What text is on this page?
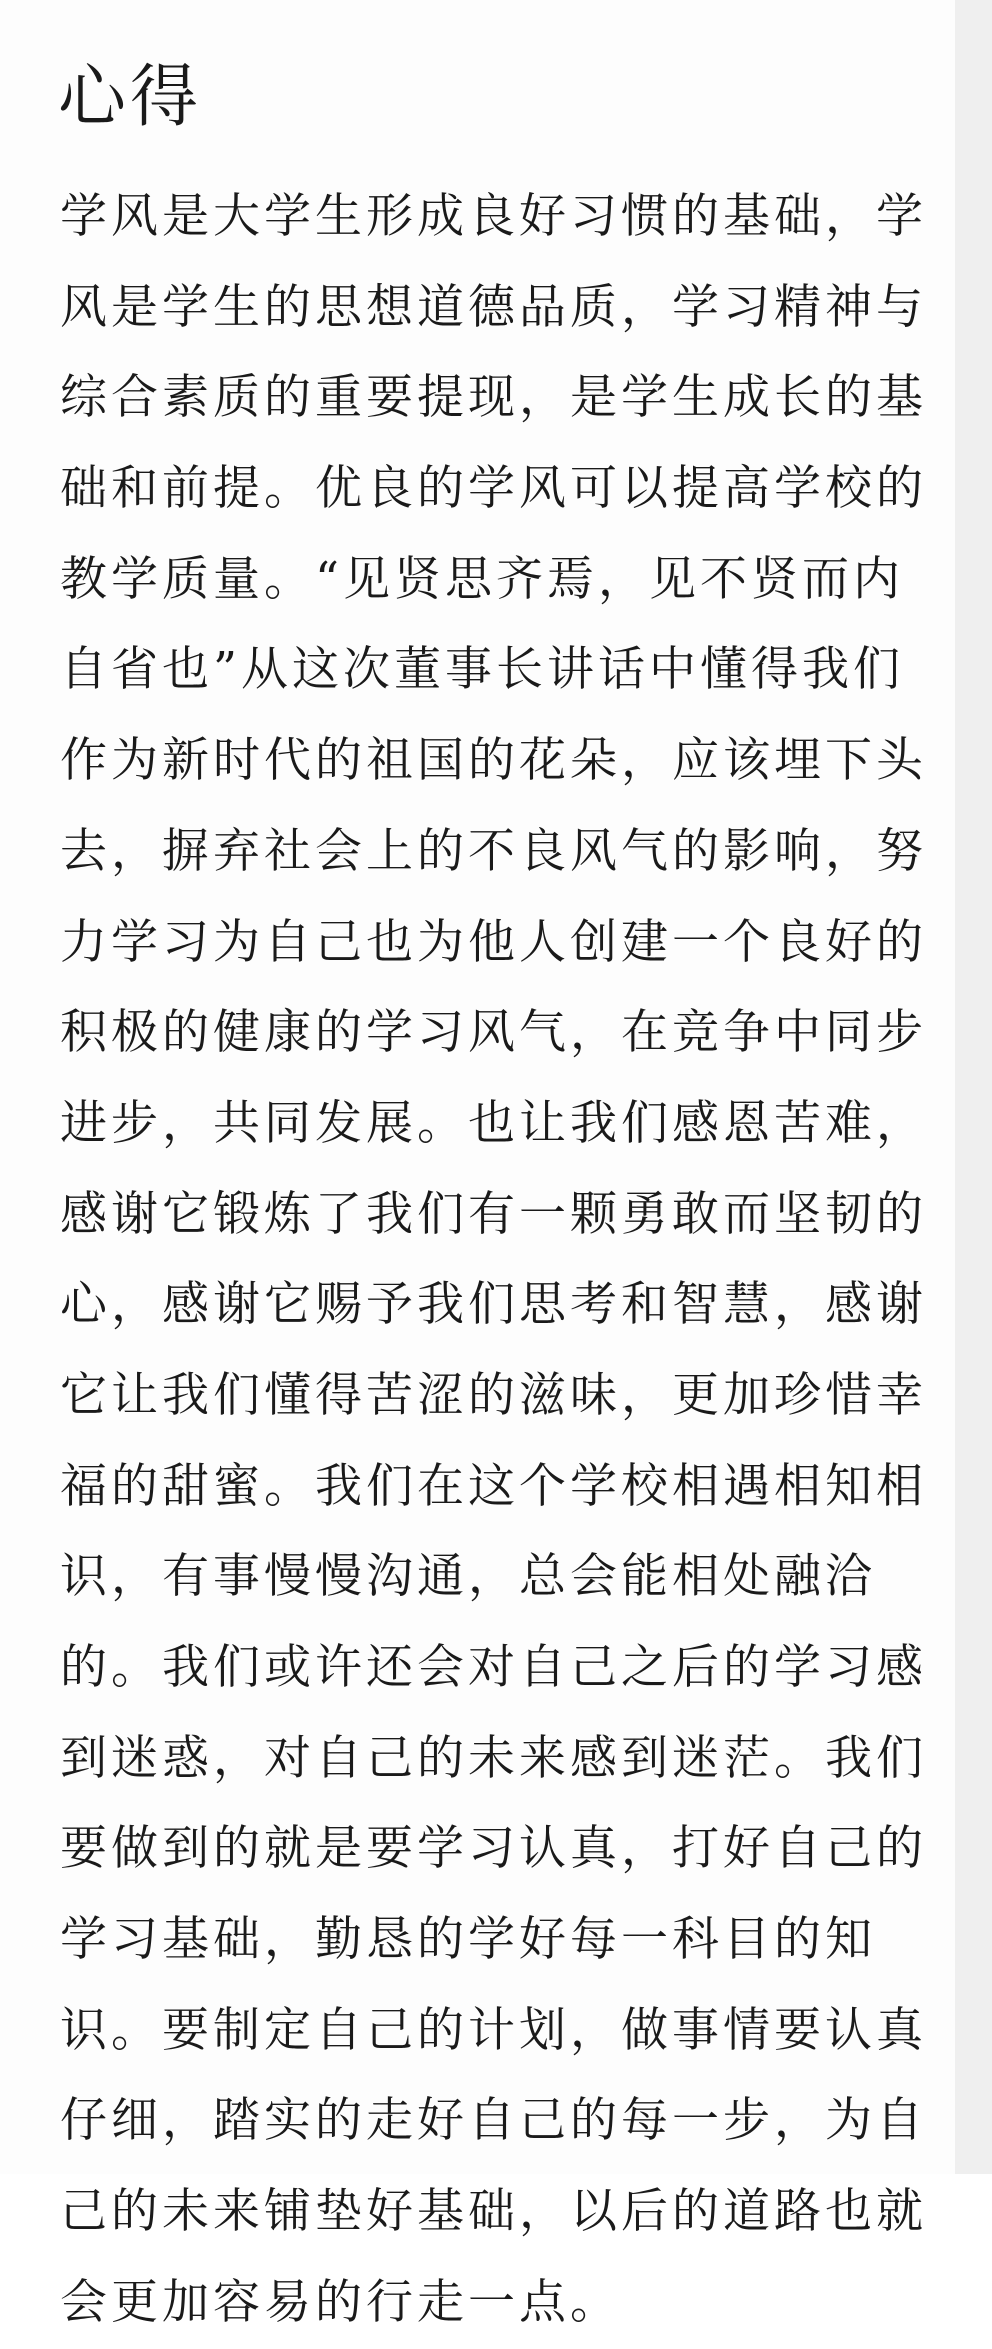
心得
学风是大学生形成良好习惯的基础，学
风是学生的思想道德品质，学习精神与
综合素质的重要提现，是学生成长的基
础和前提。优良的学风可以提高学校的
教学质量。“见贤思齐焉，见不贤而内
自省也”从这次董事长讲话中懂得我们
作为新时代的祖国的花朵，应该埋下头
去，摒弃社会上的不良风气的影响，努
力学习为自己也为他人创建一个良好的
积极的健康的学习风气，在竞争中同步
进步，共同发展。也让我们感恩苦难，
感谢它锻炼了我们有一颗勇敢而坚韧的
心，感谢它赐予我们思考和智慧，感谢
它让我们懂得苦涩的滋味，更加珍惜幸
福的甜蜜。我们在这个学校相遇相知相
识，有事慢慢沟通，总会能相处融洽
的。我们或许还会对自己之后的学习感
到迷惑，对自己的未来感到迷茫。我们
要做到的就是要学习认真，打好自己的
学习基础，勤恳的学好每一科目的知
识。要制定自己的计划，做事情要认真
仔细，踏实的走好自己的每一步，为自
己的未来铺垫好基础，以后的道路也就
会更加容易的行走一点。
